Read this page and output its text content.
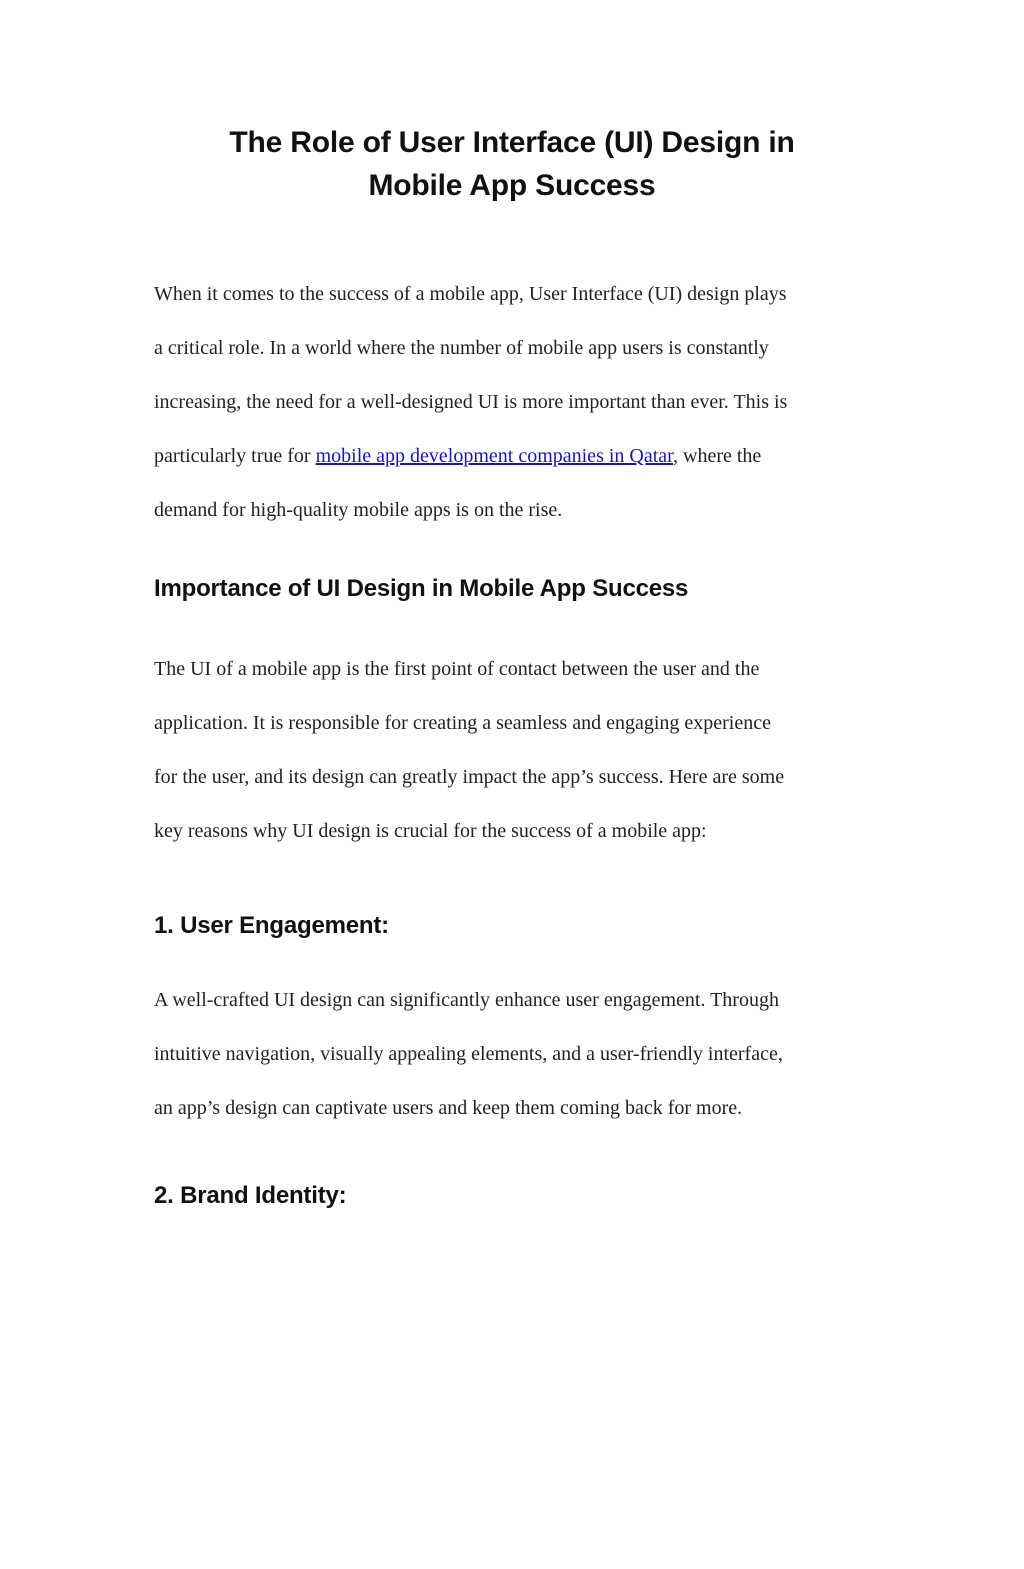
The Role of User Interface (UI) Design in
Mobile App Success

When it comes to the success of a mobile app, User Interface (UI) design plays
a critical role. In a world where the number of mobile app users is constantly
increasing, the need for a well-designed UI is more important than ever. This is
particularly true for mobile app development companies in Qatar, where the
demand for high-quality mobile apps is on the rise.

Importance of UI Design in Mobile App Success

The UI of a mobile app is the first point of contact between the user and the
application. It is responsible for creating a seamless and engaging experience
for the user, and its design can greatly impact the app’s success. Here are some
key reasons why UI design is crucial for the success of a mobile app:

1. User Engagement:

A well-crafted UI design can significantly enhance user engagement. Through
intuitive navigation, visually appealing elements, and a user-friendly interface,
an app’s design can captivate users and keep them coming back for more.

2. Brand Identity:
